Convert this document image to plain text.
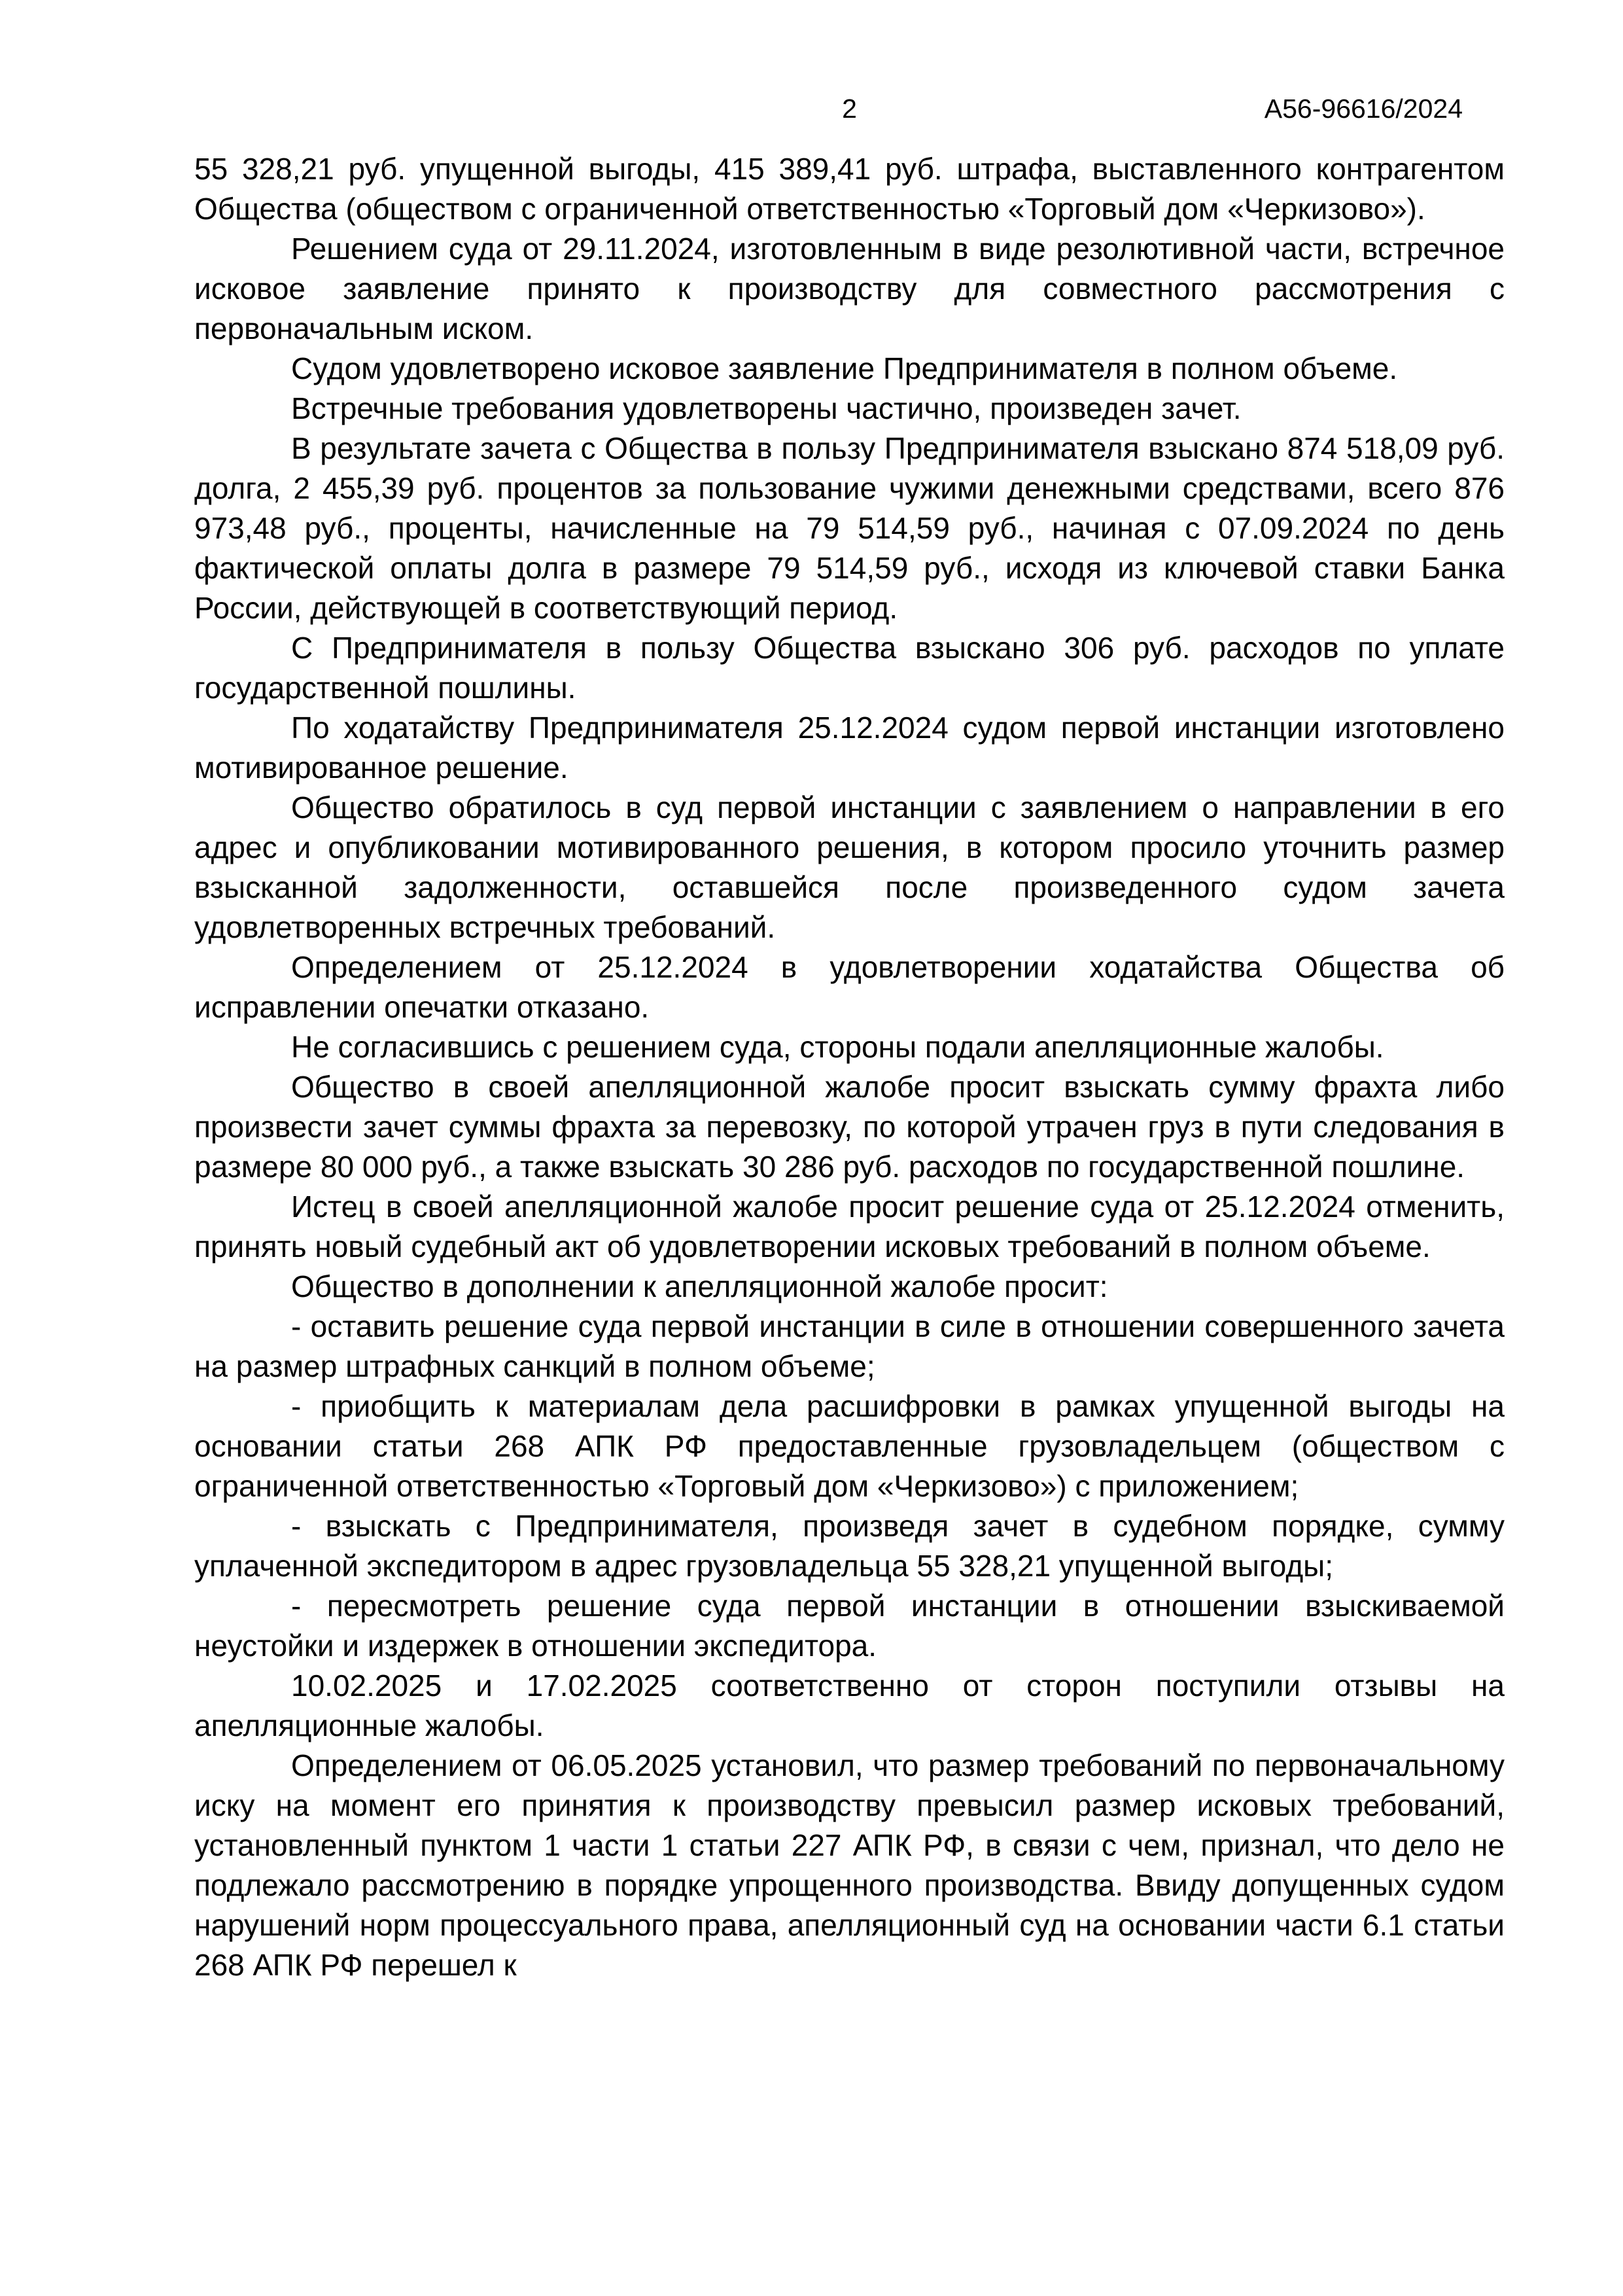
2	А56-96616/2024

55 328,21 руб. упущенной выгоды, 415 389,41 руб. штрафа, выставленного контрагентом Общества (обществом с ограниченной ответственностью «Торговый дом «Черкизово»).

Решением суда от 29.11.2024, изготовленным в виде резолютивной части, встречное исковое заявление принято к производству для совместного рассмотрения с первоначальным иском.

Судом удовлетворено исковое заявление Предпринимателя в полном объеме.

Встречные требования удовлетворены частично, произведен зачет.

В результате зачета с Общества в пользу Предпринимателя взыскано 874 518,09 руб. долга, 2 455,39 руб. процентов за пользование чужими денежными средствами, всего 876 973,48 руб., проценты, начисленные на 79 514,59 руб., начиная с 07.09.2024 по день фактической оплаты долга в размере 79 514,59 руб., исходя из ключевой ставки Банка России, действующей в соответствующий период.

С Предпринимателя в пользу Общества взыскано 306 руб. расходов по уплате государственной пошлины.

По ходатайству Предпринимателя 25.12.2024 судом первой инстанции изготовлено мотивированное решение.

Общество обратилось в суд первой инстанции с заявлением о направлении в его адрес и опубликовании мотивированного решения, в котором просило уточнить размер взысканной задолженности, оставшейся после произведенного судом зачета удовлетворенных встречных требований.

Определением от 25.12.2024 в удовлетворении ходатайства Общества об исправлении опечатки отказано.

Не согласившись с решением суда, стороны подали апелляционные жалобы.

Общество в своей апелляционной жалобе просит взыскать сумму фрахта либо произвести зачет суммы фрахта за перевозку, по которой утрачен груз в пути следования в размере 80 000 руб., а также взыскать 30 286 руб. расходов по государственной пошлине.

Истец в своей апелляционной жалобе просит решение суда от 25.12.2024 отменить, принять новый судебный акт об удовлетворении исковых требований в полном объеме.

Общество в дополнении к апелляционной жалобе просит:

- оставить решение суда первой инстанции в силе в отношении совершенного зачета на размер штрафных санкций в полном объеме;

- приобщить к материалам дела расшифровки в рамках упущенной выгоды на основании статьи 268 АПК РФ предоставленные грузовладельцем (обществом с ограниченной ответственностью «Торговый дом «Черкизово») с приложением;

- взыскать с Предпринимателя, произведя зачет в судебном порядке, сумму уплаченной экспедитором в адрес грузовладельца 55 328,21 упущенной выгоды;

- пересмотреть решение суда первой инстанции в отношении взыскиваемой неустойки и издержек в отношении экспедитора.

10.02.2025 и 17.02.2025 соответственно от сторон поступили отзывы на апелляционные жалобы.

Определением от 06.05.2025 установил, что размер требований по первоначальному иску на момент его принятия к производству превысил размер исковых требований, установленный пунктом 1 части 1 статьи 227 АПК РФ, в связи с чем, признал, что дело не подлежало рассмотрению в порядке упрощенного производства. Ввиду допущенных судом нарушений норм процессуального права, апелляционный суд на основании части 6.1 статьи 268 АПК РФ перешел к
